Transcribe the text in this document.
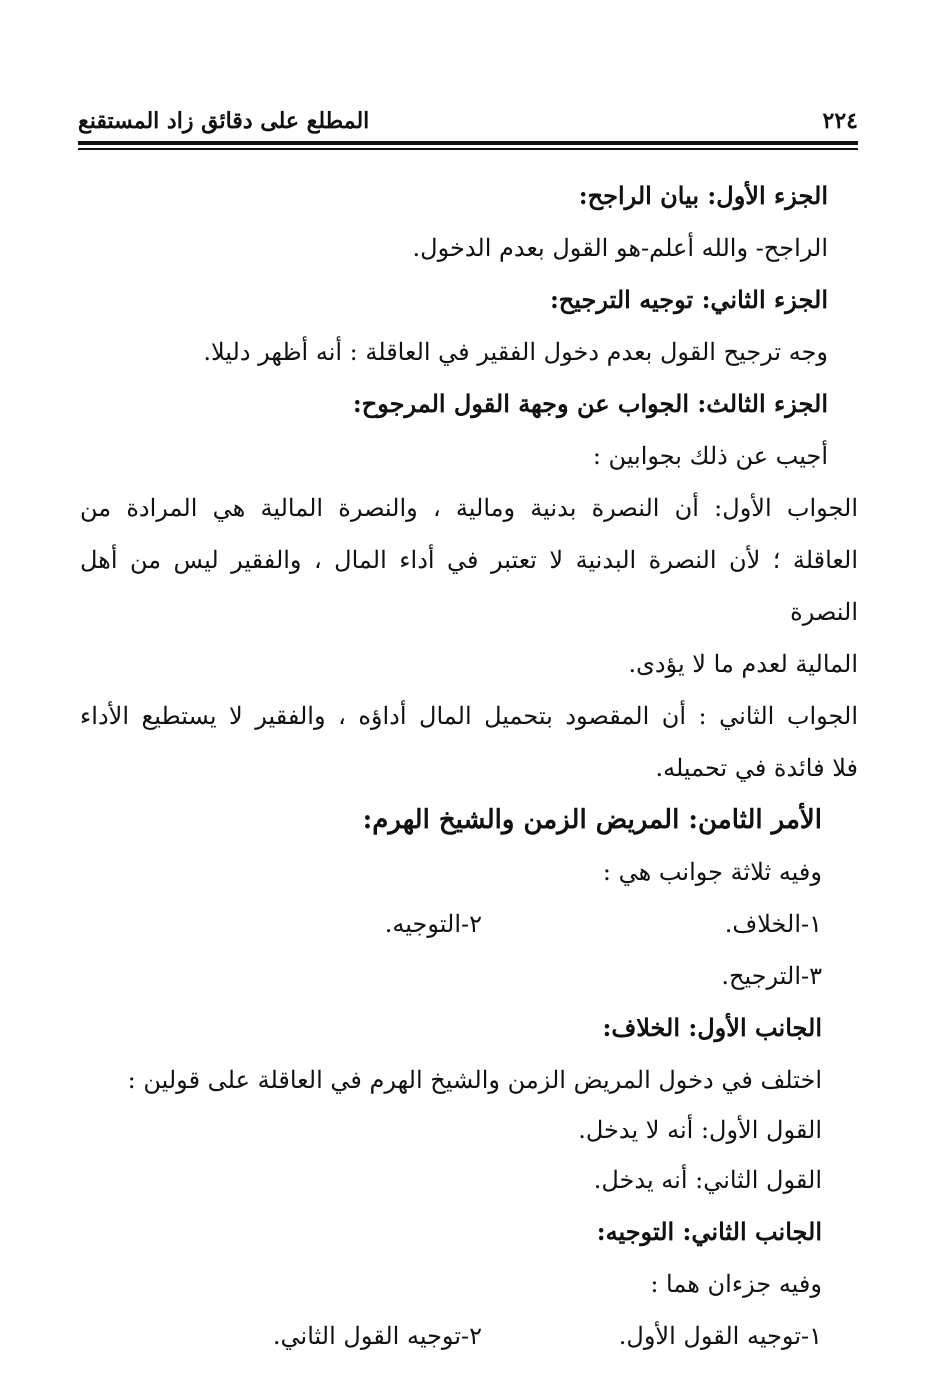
٢٢٤
المطلع على دقائق زاد المستقنع
الجزء الأول: بيان الراجح:
الراجح- والله أعلم-هو القول بعدم الدخول.
الجزء الثاني: توجيه الترجيح:
وجه ترجيح القول بعدم دخول الفقير في العاقلة : أنه أظهر دليلا.
الجزء الثالث: الجواب عن وجهة القول المرجوح:
أجيب عن ذلك بجوابين :
الجواب الأول: أن النصرة بدنية ومالية ، والنصرة المالية هي المرادة من
العاقلة ؛ لأن النصرة البدنية لا تعتبر في أداء المال ، والفقير ليس من أهل النصرة
المالية لعدم ما لا يؤدى.
الجواب الثاني : أن المقصود بتحميل المال أداؤه ، والفقير لا يستطيع الأداء
فلا فائدة في تحميله.
الأمر الثامن: المريض الزمن والشيخ الهرم:
وفيه ثلاثة جوانب هي :
١-الخلاف.
٢-التوجيه.
٣-الترجيح.
الجانب الأول: الخلاف:
اختلف في دخول المريض الزمن والشيخ الهرم في العاقلة على قولين :
القول الأول: أنه لا يدخل.
القول الثاني: أنه يدخل.
الجانب الثاني: التوجيه:
وفيه جزءان هما :
١-توجيه القول الأول.
٢-توجيه القول الثاني.
